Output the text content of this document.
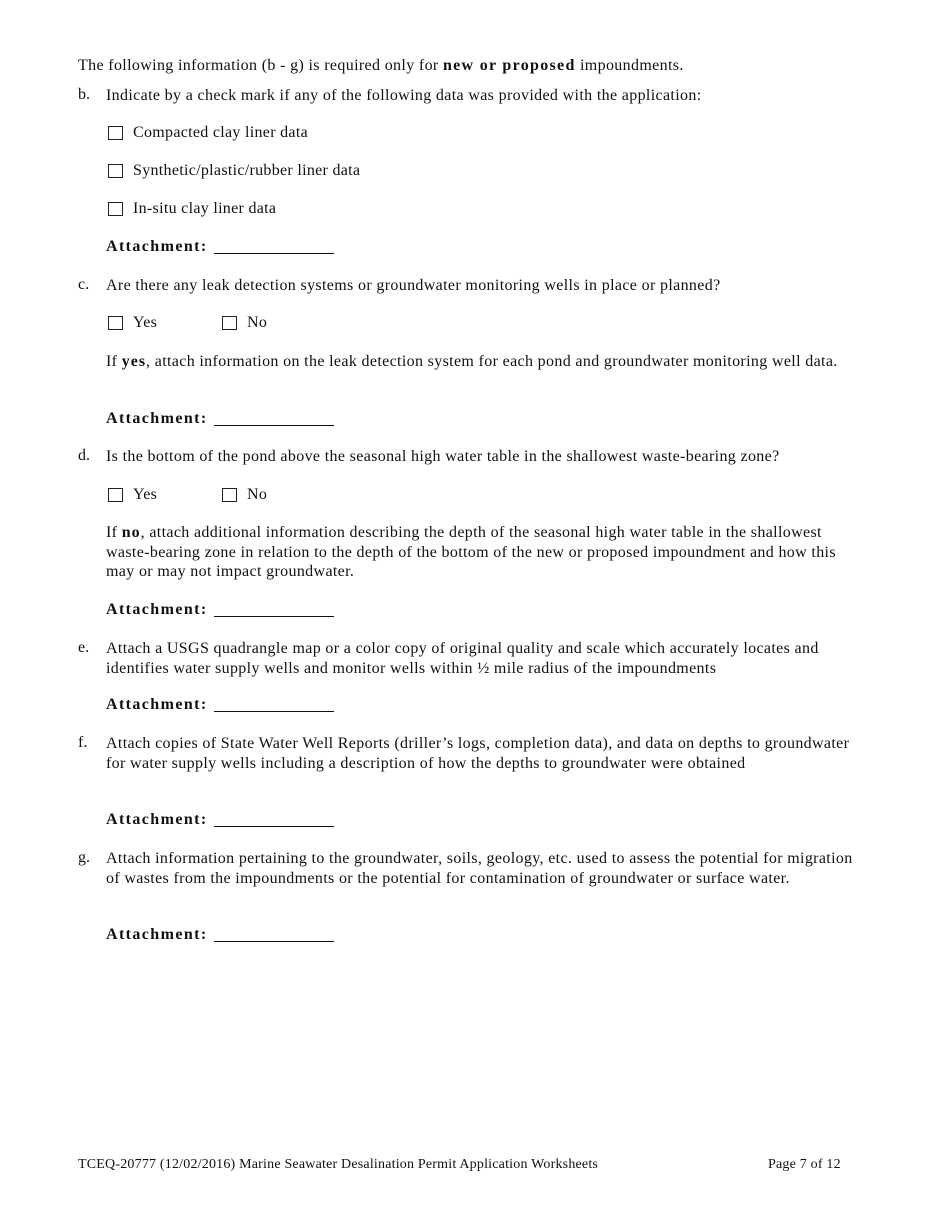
The following information (b - g) is required only for new or proposed impoundments.
b. Indicate by a check mark if any of the following data was provided with the application:
Compacted clay liner data
Synthetic/plastic/rubber liner data
In-situ clay liner data
Attachment:
c. Are there any leak detection systems or groundwater monitoring wells in place or planned?
Yes	No
If yes, attach information on the leak detection system for each pond and groundwater monitoring well data.
Attachment:
d. Is the bottom of the pond above the seasonal high water table in the shallowest waste-bearing zone?
Yes	No
If no, attach additional information describing the depth of the seasonal high water table in the shallowest waste-bearing zone in relation to the depth of the bottom of the new or proposed impoundment and how this may or may not impact groundwater.
Attachment:
e. Attach a USGS quadrangle map or a color copy of original quality and scale which accurately locates and identifies water supply wells and monitor wells within ½ mile radius of the impoundments
Attachment:
f. Attach copies of State Water Well Reports (driller’s logs, completion data), and data on depths to groundwater for water supply wells including a description of how the depths to groundwater were obtained
Attachment:
g. Attach information pertaining to the groundwater, soils, geology, etc. used to assess the potential for migration of wastes from the impoundments or the potential for contamination of groundwater or surface water.
Attachment:
TCEQ-20777 (12/02/2016) Marine Seawater Desalination Permit Application Worksheets	Page 7 of 12
